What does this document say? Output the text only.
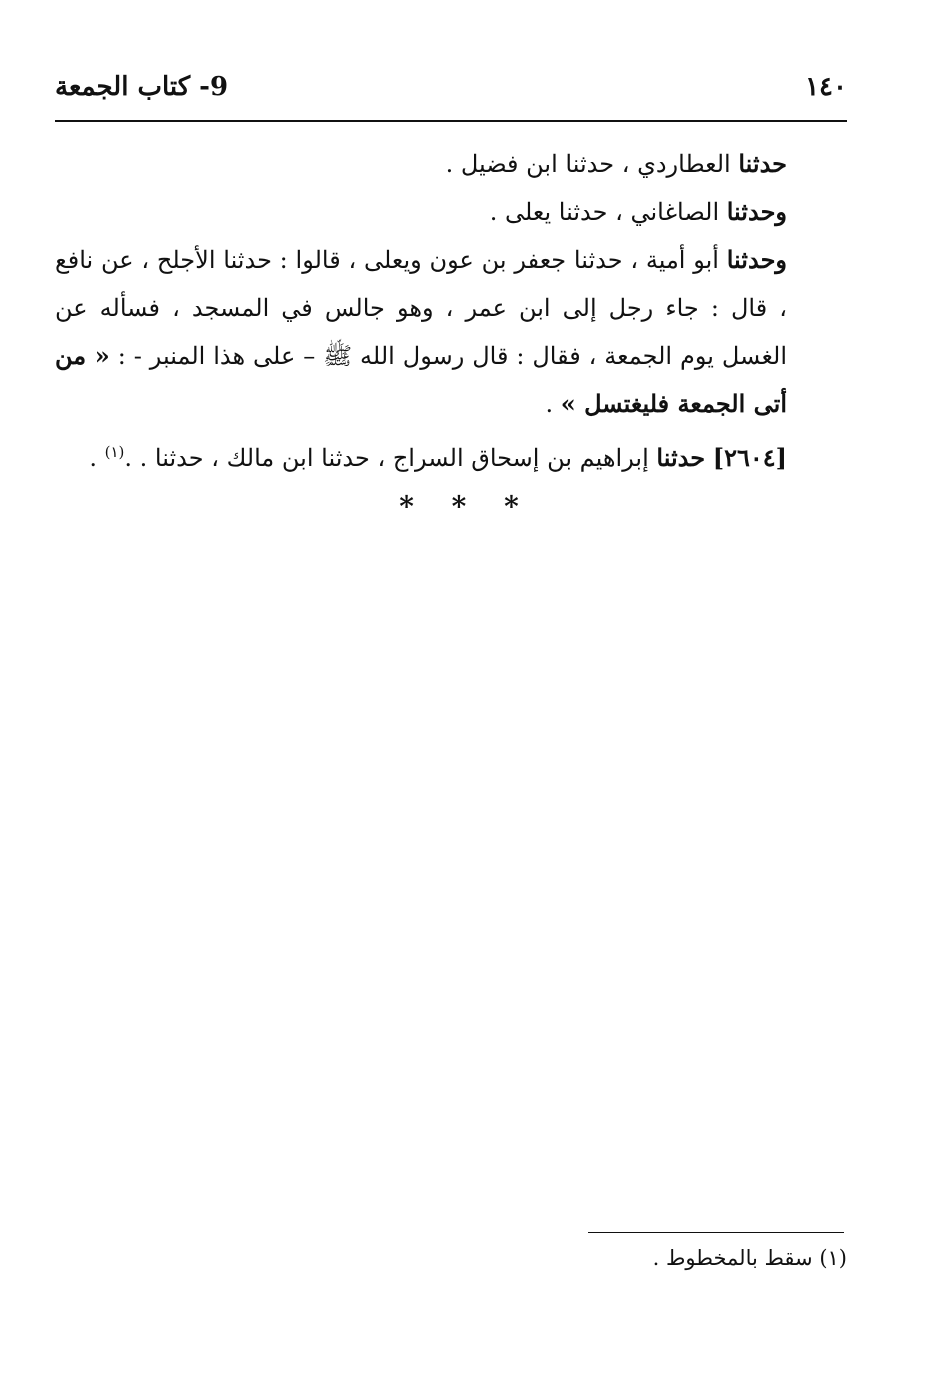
١٤٠
9- كتاب الجمعة

حدثنا العطاردي ، حدثنا ابن فضيل .

وحدثنا الصاغاني ، حدثنا يعلى .

وحدثنا أبو أمية ، حدثنا جعفر بن عون ويعلى ، قالوا : حدثنا الأجلح ، عن نافع ، قال : جاء رجل إلى ابن عمر ، وهو جالس في المسجد ، فسأله عن الغسل يوم الجمعة ، فقال : قال رسول الله ﷺ – على هذا المنبر - : « من أتى الجمعة فليغتسل » .

[٢٦٠٤] حدثنا إبراهيم بن إسحاق السراج ، حدثنا ابن مالك ، حدثنا . .$^{(١)}$ .

* * *
(١) سقط بالمخطوط .
